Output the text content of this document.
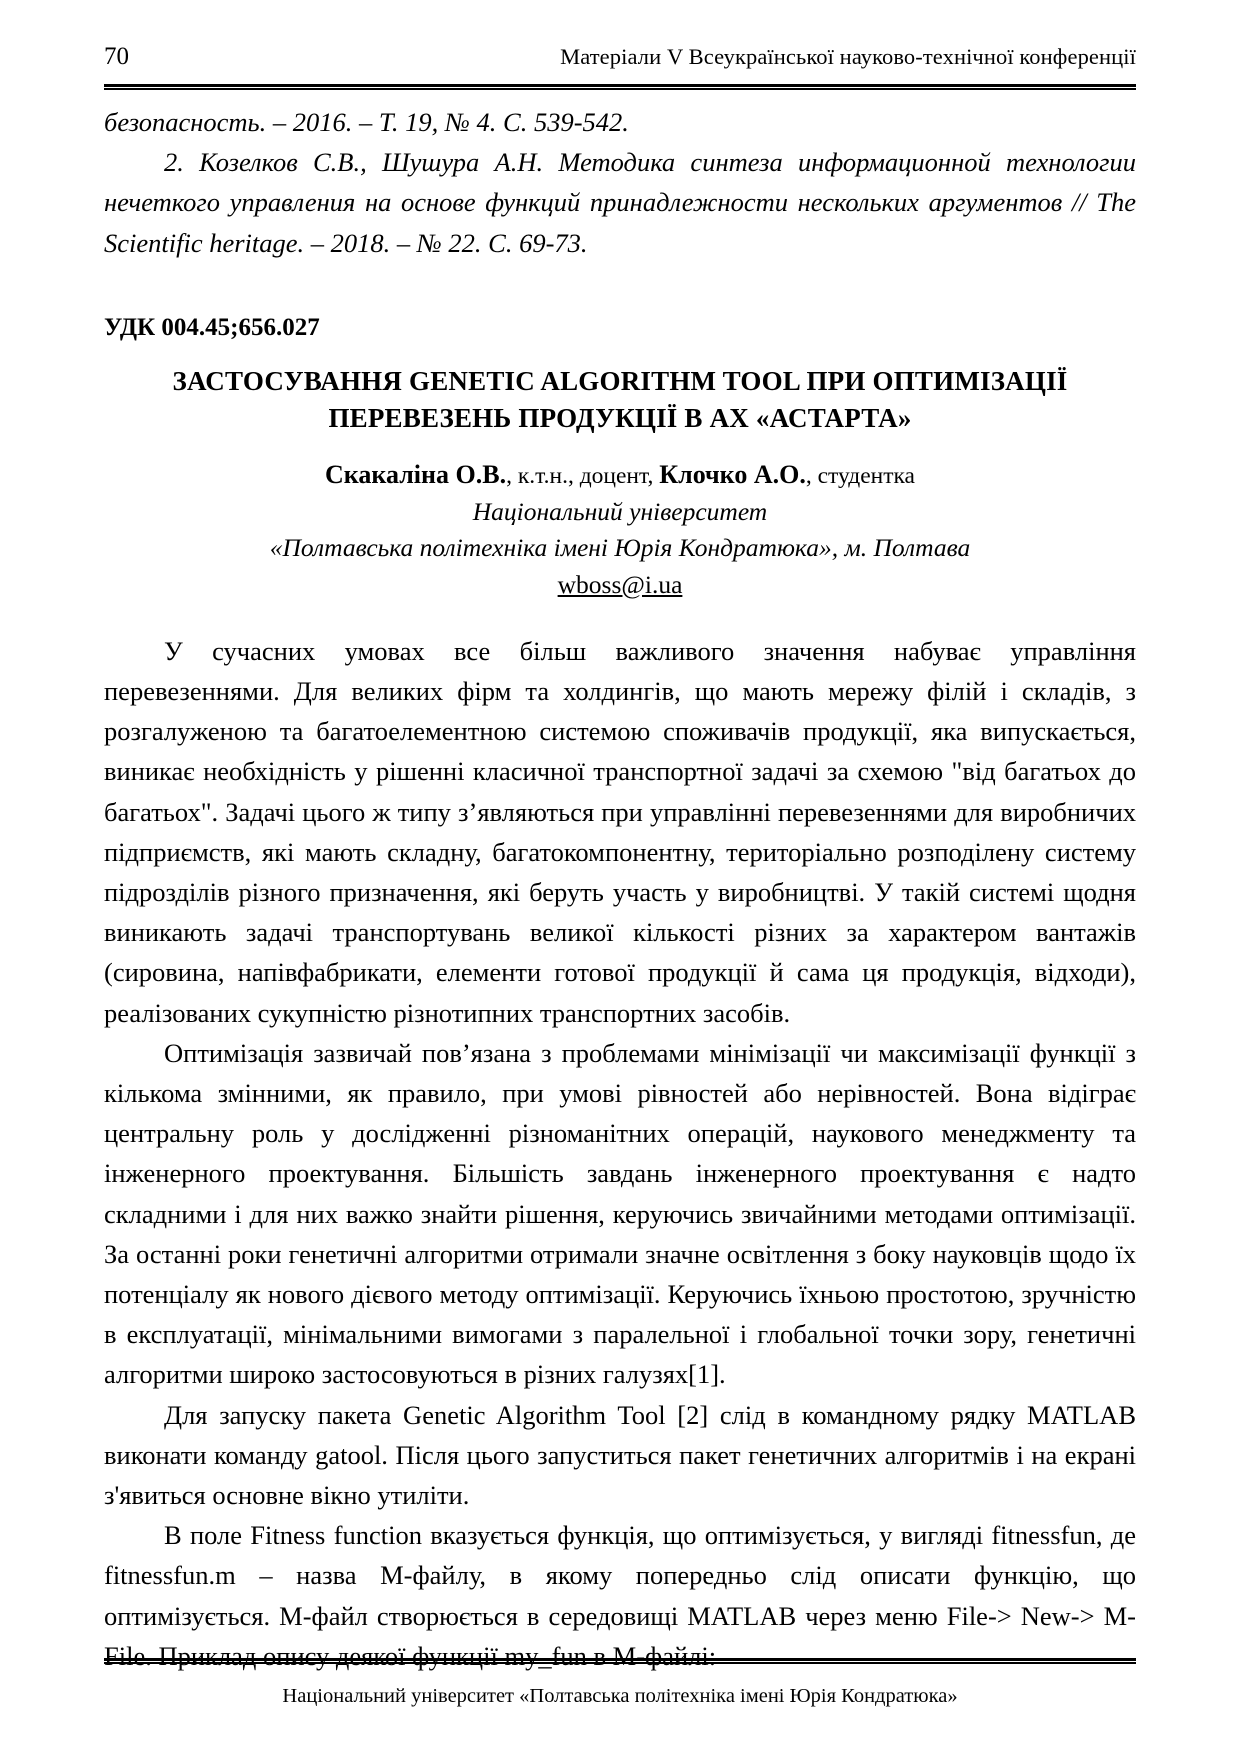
70	Матеріали V Всеукраїнської науково-технічної конференції

безопасность. – 2016. – Т. 19, № 4. С. 539-542.

2. Козелков С.В., Шушура А.Н. Методика синтеза информационной технологии нечеткого управления на основе функций принадлежности нескольких аргументов // The Scientific heritage. – 2018. – № 22. С. 69-73.

УДК 004.45;656.027

ЗАСТОСУВАННЯ GENETIC ALGORITHM TOOL ПРИ ОПТИМІЗАЦІЇ
ПЕРЕВЕЗЕНЬ ПРОДУКЦІЇ В АХ «АСТАРТА»

Скакаліна О.В., к.т.н., доцент, Клочко А.О., студентка

Національний університет

«Полтавська політехніка імені Юрія Кондратюка», м. Полтава

wboss@i.ua

У сучасних умовах все більш важливого значення набуває управління перевезеннями. Для великих фірм та холдингів, що мають мережу філій і складів, з розгалуженою та багатоелементною системою споживачів продукції, яка випускається, виникає необхідність у рішенні класичної транспортної задачі за схемою "від багатьох до багатьох". Задачі цього ж типу з’являються при управлінні перевезеннями для виробничих підприємств, які мають складну, багатокомпонентну, територіально розподілену систему підрозділів різного призначення, які беруть участь у виробництві. У такій системі щодня виникають задачі транспортувань великої кількості різних за характером вантажів (сировина, напівфабрикати, елементи готової продукції й сама ця продукція, відходи), реалізованих сукупністю різнотипних транспортних засобів.

Оптимізація зазвичай пов’язана з проблемами мінімізації чи максимізації функції з кількома змінними, як правило, при умові рівностей або нерівностей. Вона відіграє центральну роль у дослідженні різноманітних операцій, наукового менеджменту та інженерного проектування. Більшість завдань інженерного проектування є надто складними і для них важко знайти рішення, керуючись звичайними методами оптимізації. За останні роки генетичні алгоритми отримали значне освітлення з боку науковців щодо їх потенціалу як нового дієвого методу оптимізації. Керуючись їхньою простотою, зручністю в експлуатації, мінімальними вимогами з паралельної і глобальної точки зору, генетичні алгоритми широко застосовуються в різних галузях[1].

Для запуску пакета Genetic Algorithm Tool [2] слід в командному рядку MATLAB виконати команду gatool. Після цього запуститься пакет генетичних алгоритмів і на екрані з'явиться основне вікно утиліти.

В поле Fitness function вказується функція, що оптимізується, у вигляді fitnessfun, де fitnessfun.m – назва М-файлу, в якому попередньо слід описати функцію, що оптимізується. М-файл створюється в середовищі MATLAB через меню File-> New-> M-File. Приклад опису деякої функції my_fun в М-файлі:

Національний університет «Полтавська політехніка імені Юрія Кондратюка»
